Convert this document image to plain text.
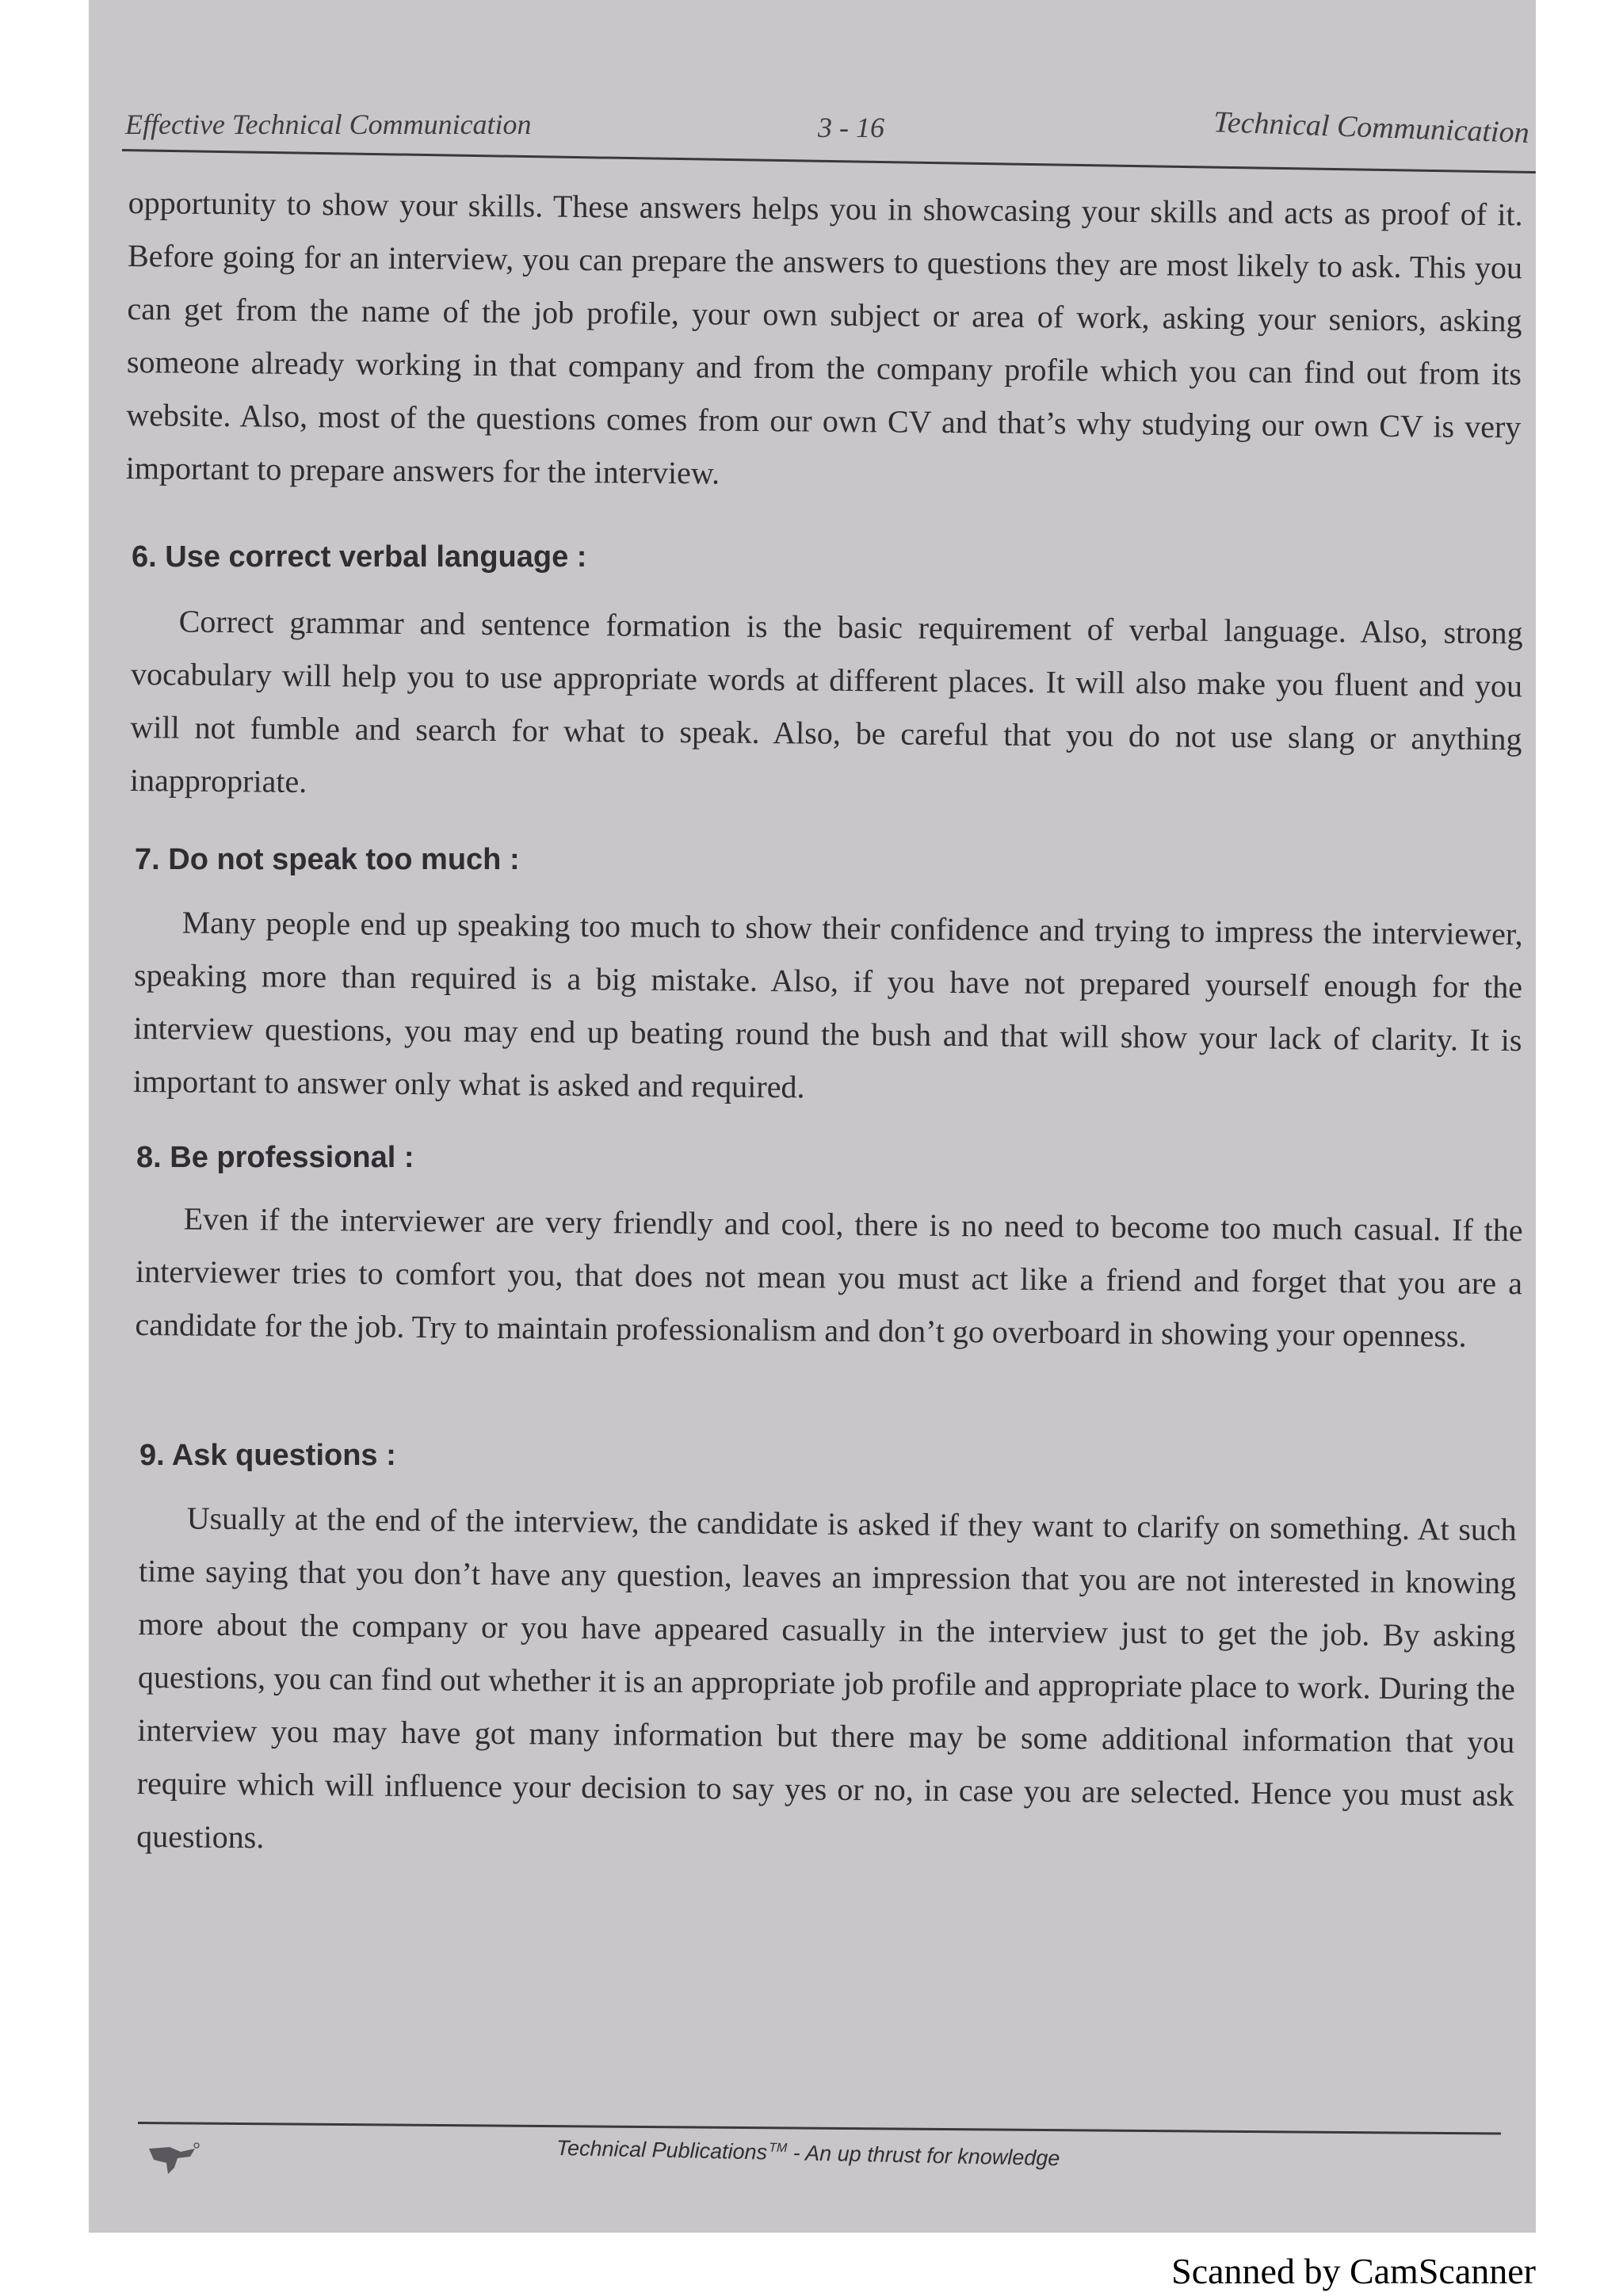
Effective Technical Communication	3 - 16	Technical Communication

opportunity to show your skills. These answers helps you in showcasing your skills and acts as proof of it. Before going for an interview, you can prepare the answers to questions they are most likely to ask. This you can get from the name of the job profile, your own subject or area of work, asking your seniors, asking someone already working in that company and from the company profile which you can find out from its website. Also, most of the questions comes from our own CV and that’s why studying our own CV is very important to prepare answers for the interview.

6. Use correct verbal language :

Correct grammar and sentence formation is the basic requirement of verbal language. Also, strong vocabulary will help you to use appropriate words at different places. It will also make you fluent and you will not fumble and search for what to speak. Also, be careful that you do not use slang or anything inappropriate.

7. Do not speak too much :

Many people end up speaking too much to show their confidence and trying to impress the interviewer, speaking more than required is a big mistake. Also, if you have not prepared yourself enough for the interview questions, you may end up beating round the bush and that will show your lack of clarity. It is important to answer only what is asked and required.

8. Be professional :

Even if the interviewer are very friendly and cool, there is no need to become too much casual. If the interviewer tries to comfort you, that does not mean you must act like a friend and forget that you are a candidate for the job. Try to maintain professionalism and don’t go overboard in showing your openness.

9. Ask questions :

Usually at the end of the interview, the candidate is asked if they want to clarify on something. At such time saying that you don’t have any question, leaves an impression that you are not interested in knowing more about the company or you have appeared casually in the interview just to get the job. By asking questions, you can find out whether it is an appropriate job profile and appropriate place to work. During the interview you may have got many information but there may be some additional information that you require which will influence your decision to say yes or no, in case you are selected. Hence you must ask questions.

Technical Publications ™ - An up thrust for knowledge
Scanned by CamScanner
